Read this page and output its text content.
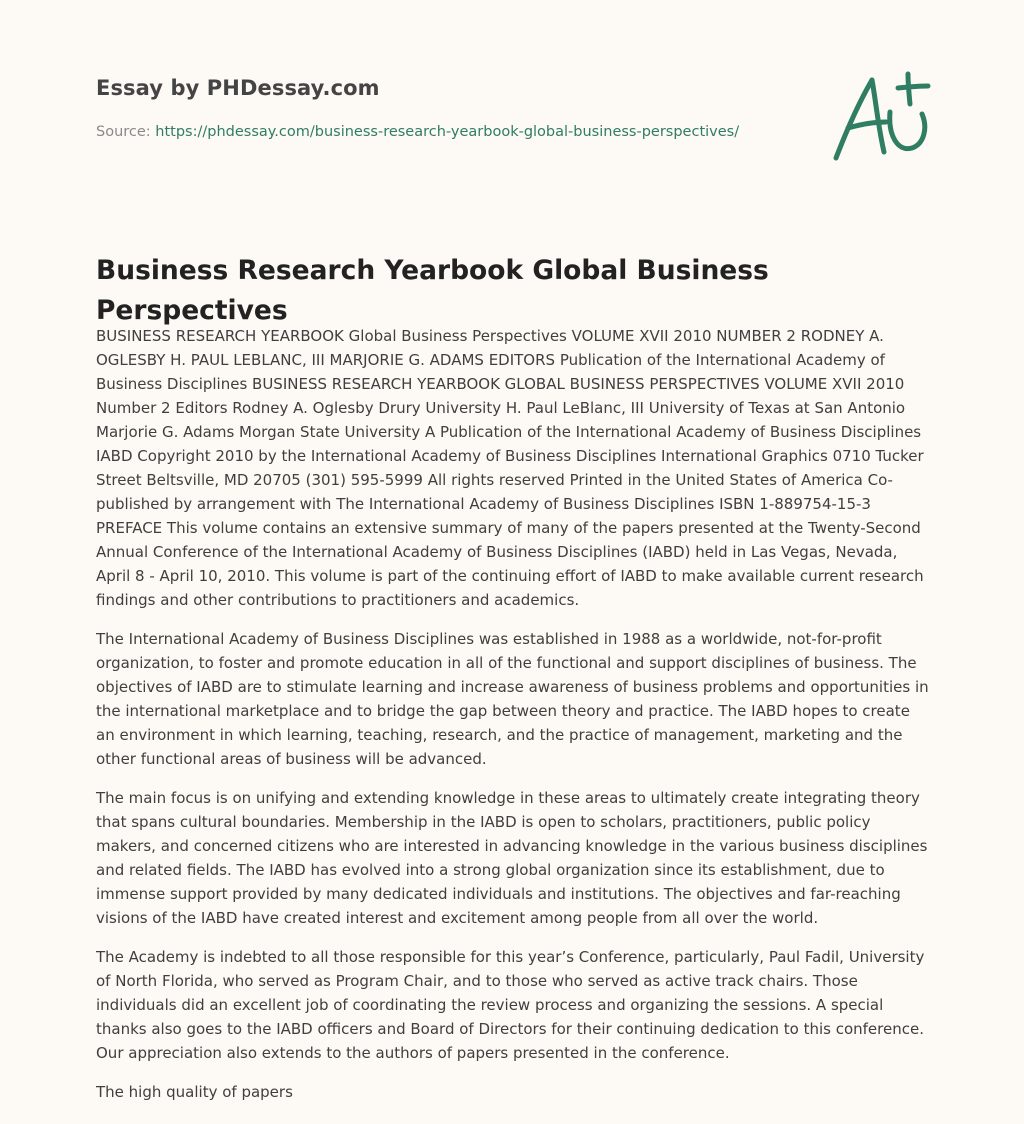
Essay by PHDessay.com
Source: https://phdessay.com/business-research-yearbook-global-business-perspectives/
Business Research Yearbook Global Business Perspectives

BUSINESS RESEARCH YEARBOOK Global Business Perspectives VOLUME XVII 2010 NUMBER 2 RODNEY A. OGLESBY H. PAUL LEBLANC, III MARJORIE G. ADAMS EDITORS Publication of the International Academy of Business Disciplines BUSINESS RESEARCH YEARBOOK GLOBAL BUSINESS PERSPECTIVES VOLUME XVII 2010 Number 2 Editors Rodney A. Oglesby Drury University H. Paul LeBlanc, III University of Texas at San Antonio Marjorie G. Adams Morgan State University A Publication of the International Academy of Business Disciplines IABD Copyright 2010 by the International Academy of Business Disciplines International Graphics 0710 Tucker Street Beltsville, MD 20705 (301) 595-5999 All rights reserved Printed in the United States of America Co-published by arrangement with The International Academy of Business Disciplines ISBN 1-889754-15-3 PREFACE This volume contains an extensive summary of many of the papers presented at the Twenty-Second Annual Conference of the International Academy of Business Disciplines (IABD) held in Las Vegas, Nevada, April 8 - April 10, 2010. This volume is part of the continuing effort of IABD to make available current research findings and other contributions to practitioners and academics.

The International Academy of Business Disciplines was established in 1988 as a worldwide, not-for-profit organization, to foster and promote education in all of the functional and support disciplines of business. The objectives of IABD are to stimulate learning and increase awareness of business problems and opportunities in the international marketplace and to bridge the gap between theory and practice. The IABD hopes to create an environment in which learning, teaching, research, and the practice of management, marketing and the other functional areas of business will be advanced.

The main focus is on unifying and extending knowledge in these areas to ultimately create integrating theory that spans cultural boundaries. Membership in the IABD is open to scholars, practitioners, public policy makers, and concerned citizens who are interested in advancing knowledge in the various business disciplines and related fields. The IABD has evolved into a strong global organization since its establishment, due to immense support provided by many dedicated individuals and institutions. The objectives and far-reaching visions of the IABD have created interest and excitement among people from all over the world.

The Academy is indebted to all those responsible for this year’s Conference, particularly, Paul Fadil, University of North Florida, who served as Program Chair, and to those who served as active track chairs. Those individuals did an excellent job of coordinating the review process and organizing the sessions. A special thanks also goes to the IABD officers and Board of Directors for their continuing dedication to this conference. Our appreciation also extends to the authors of papers presented in the conference.

The high quality of papers
